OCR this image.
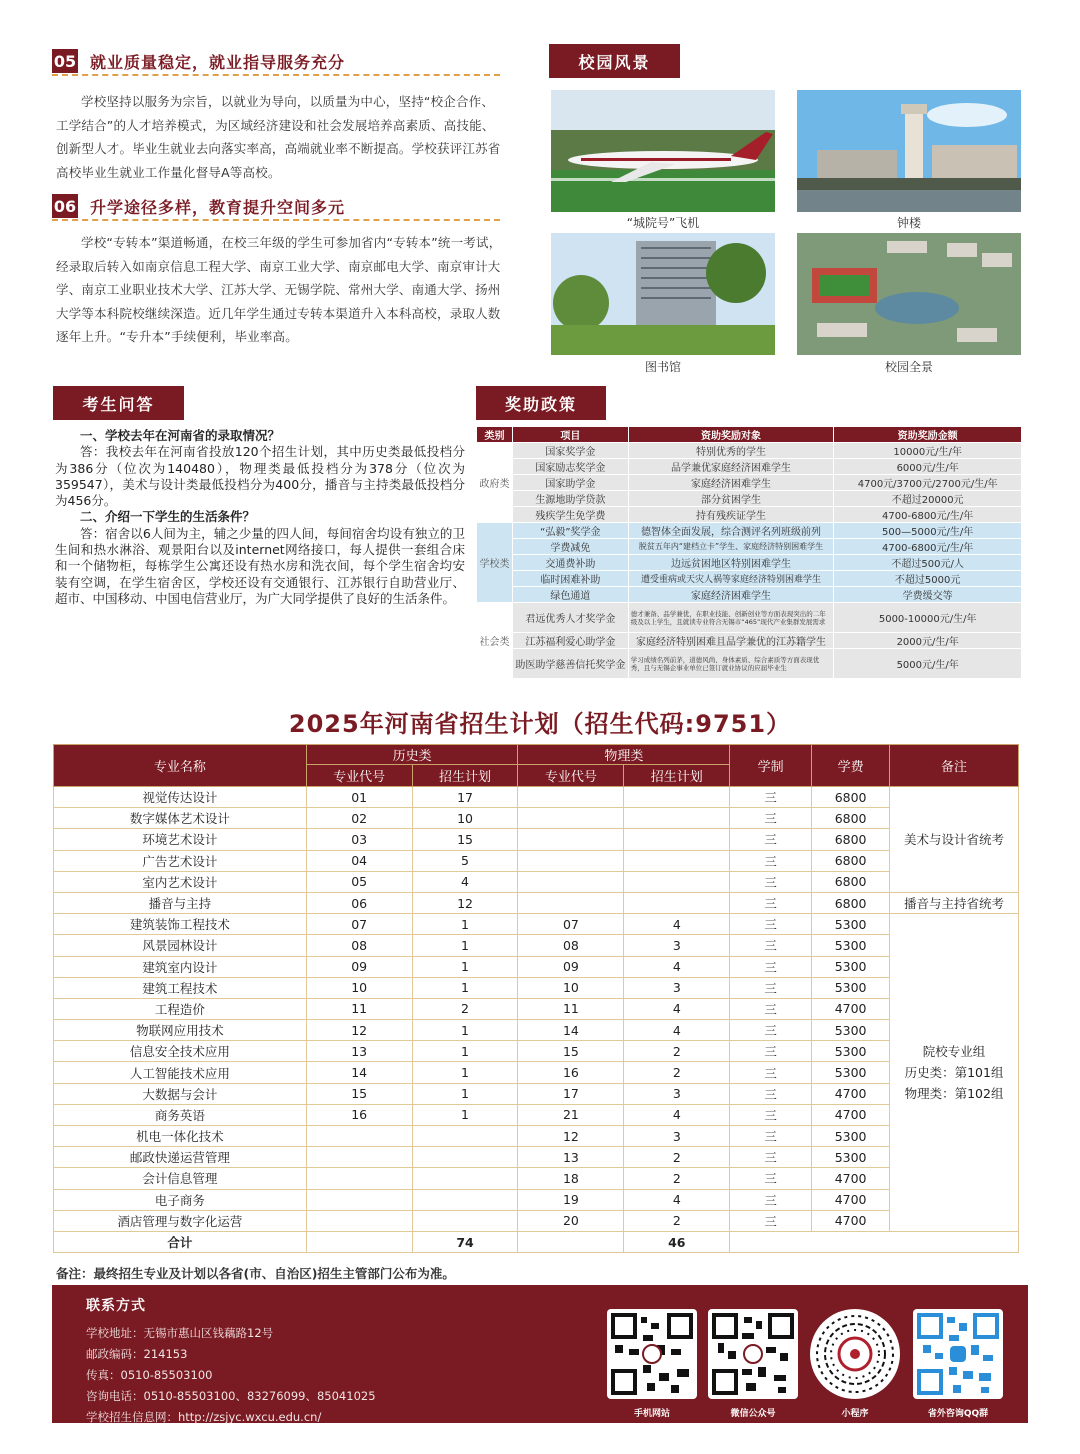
05 就业质量稳定，就业指导服务充分

学校坚持以服务为宗旨，以就业为导向，以质量为中心，坚持“校企合作、工学结合”的人才培养模式，为区域经济建设和社会发展培养高素质、高技能、创新型人才。毕业生就业去向落实率高，高端就业率不断提高。学校获评江苏省高校毕业生就业工作量化督导A等高校。

06 升学途径多样，教育提升空间多元

学校“专转本”渠道畅通，在校三年级的学生可参加省内“专转本”统一考试，经录取后转入如南京信息工程大学、南京工业大学、南京邮电大学、南京审计大学、南京工业职业技术大学、江苏大学、无锡学院、常州大学、南通大学、扬州大学等本科院校继续深造。近几年学生通过专转本渠道升入本科高校，录取人数逐年上升。“专升本”手续便利，毕业率高。

校园风景
“城院号”飞机	钟楼
图书馆	校园全景
考生问答

一、学校去年在河南省的录取情况？

答：我校去年在河南省投放120个招生计划，其中历史类最低投档分为386分（位次为140480），物理类最低投档分为378分（位次为359547），美术与设计类最低投档分为400分，播音与主持类最低投档分为456分。

二、介绍一下学生的生活条件？

答：宿舍以6人间为主，辅之少量的四人间，每间宿舍均设有独立的卫生间和热水淋浴、观景阳台以及internet网络接口，每人提供一套组合床和一个储物柜，每栋学生公寓还设有热水房和洗衣间，每个学生宿舍均安装有空调，在学生宿舍区，学校还设有交通银行、江苏银行自助营业厅、超市、中国移动、中国电信营业厅，为广大同学提供了良好的生活条件。

奖助政策
类别	项目	资助奖励对象	资助奖励金额
政府类	国家奖学金	特别优秀的学生	10000元/生/年
	国家励志奖学金	品学兼优家庭经济困难学生	6000元/生/年
	国家助学金	家庭经济困难学生	4700元/3700元/2700元/生/年
	生源地助学贷款	部分贫困学生	不超过20000元
	残疾学生免学费	持有残疾证学生	4700-6800元/生/年
学校类	“弘毅”奖学金	德智体全面发展，综合测评名列班级前列	500—5000元/生/年
	学费减免	脱贫五年内“建档立卡”学生、家庭经济特别困难学生	4700-6800元/生/年
	交通费补助	边远贫困地区特别困难学生	不超过500元/人
	临时困难补助	遭受重病或天灾人祸等家庭经济特别困难学生	不超过5000元
	绿色通道	家庭经济困难学生	学费缓交等
社会类	君远优秀人才奖学金	德才兼备、品学兼优，在职业技能、创新创业等方面表现突出的二年级及以上学生，且就读专业符合无锡市“465”现代产业集群发展需求	5000-10000元/生/年
	江苏福利爱心助学金	家庭经济特别困难且品学兼优的江苏籍学生	2000元/生/年
	助医助学慈善信托奖学金	学习成绩名列前茅，道德风尚、身体素质、综合素质等方面表现优秀，且与无锡企事业单位已签订就业协议的应届毕业生	5000元/生/年
2025年河南省招生计划（招生代码:9751）
专业名称	历史类		物理类		学制	学费	备注
	专业代号	招生计划	专业代号	招生计划			
视觉传达设计	01	17			三	6800	美术与设计省统考
数字媒体艺术设计	02	10			三	6800	
环境艺术设计	03	15			三	6800	
广告艺术设计	04	5			三	6800	
室内艺术设计	05	4			三	6800	
播音与主持	06	12			三	6800	播音与主持省统考
建筑装饰工程技术	07	1	07	4	三	5300	院校专业组
历史类：第101组
物理类：第102组

风景园林设计	08	1	08	3	三	5300	
建筑室内设计	09	1	09	4	三	5300	
建筑工程技术	10	1	10	3	三	5300	
工程造价	11	2	11	4	三	4700	
物联网应用技术	12	1	14	4	三	5300	
信息安全技术应用	13	1	15	2	三	5300	
人工智能技术应用	14	1	16	2	三	5300	
大数据与会计	15	1	17	3	三	4700	
商务英语	16	1	21	4	三	4700	
机电一体化技术			12	3	三	5300	
邮政快递运营管理			13	2	三	5300	
会计信息管理			18	2	三	4700	
电子商务			19	4	三	4700	
酒店管理与数字化运营			20	2	三	4700	
合计		74		46			
备注：最终招生专业及计划以各省(市、自治区)招生主管部门公布为准。
联系方式
学校地址：无锡市惠山区钱藕路12号
邮政编码：214153
传真：0510-85503100
咨询电话：0510-85503100、83276099、85041025
学校招生信息网：http://zsjyc.wxcu.edu.cn/	手机网站	微信公众号	小程序	省外咨询QQ群
